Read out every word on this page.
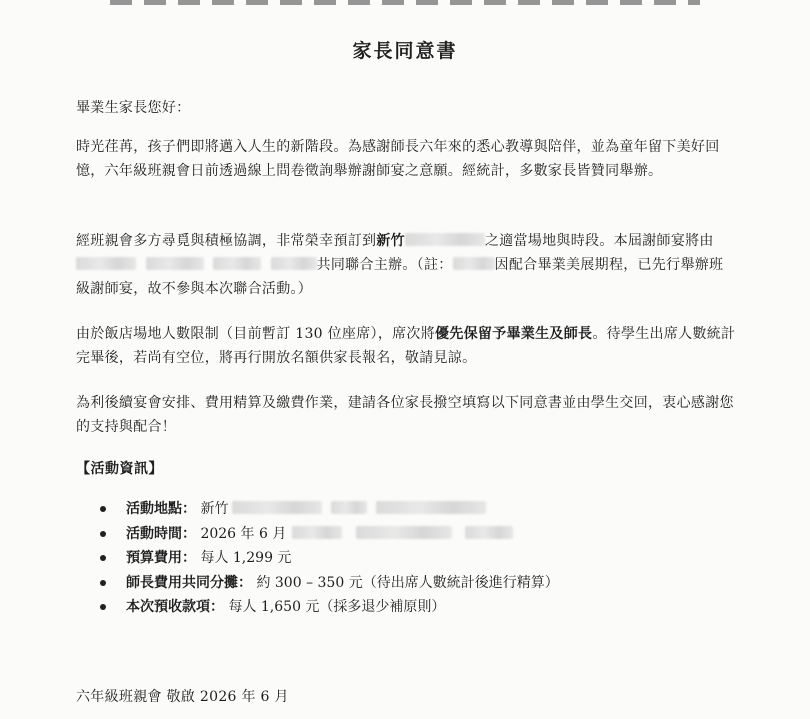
家長同意書

畢業生家長您好：

時光荏苒，孩子們即將邁入人生的新階段。為感謝師長六年來的悉心教導與陪伴，並為童年留下美好回憶，六年級班親會日前透過線上問卷徵詢舉辦謝師宴之意願。經統計，多數家長皆贊同舉辦。

經班親會多方尋覓與積極協調，非常榮幸預訂到新竹	之適當場地與時段。本屆謝師宴將由      共同聯合主辦。（註：	因配合畢業美展期程，已先行舉辦班級謝師宴，故不參與本次聯合活動。）

由於飯店場地人數限制（目前暫訂 130 位座席），席次將優先保留予畢業生及師長。待學生出席人數統計完畢後，若尚有空位，將再行開放名額供家長報名，敬請見諒。

為利後續宴會安排、費用精算及繳費作業，建請各位家長撥空填寫以下同意書並由學生交回，衷心感謝您的支持與配合！

【活動資訊】
活動地點： 新竹
活動時間： 2026 年 6 月
預算費用： 每人 1,299 元
師長費用共同分攤： 約 300 – 350 元（待出席人數統計後進行精算）
本次預收款項： 每人 1,650 元（採多退少補原則）
六年級班親會 敬啟 2026 年 6 月
